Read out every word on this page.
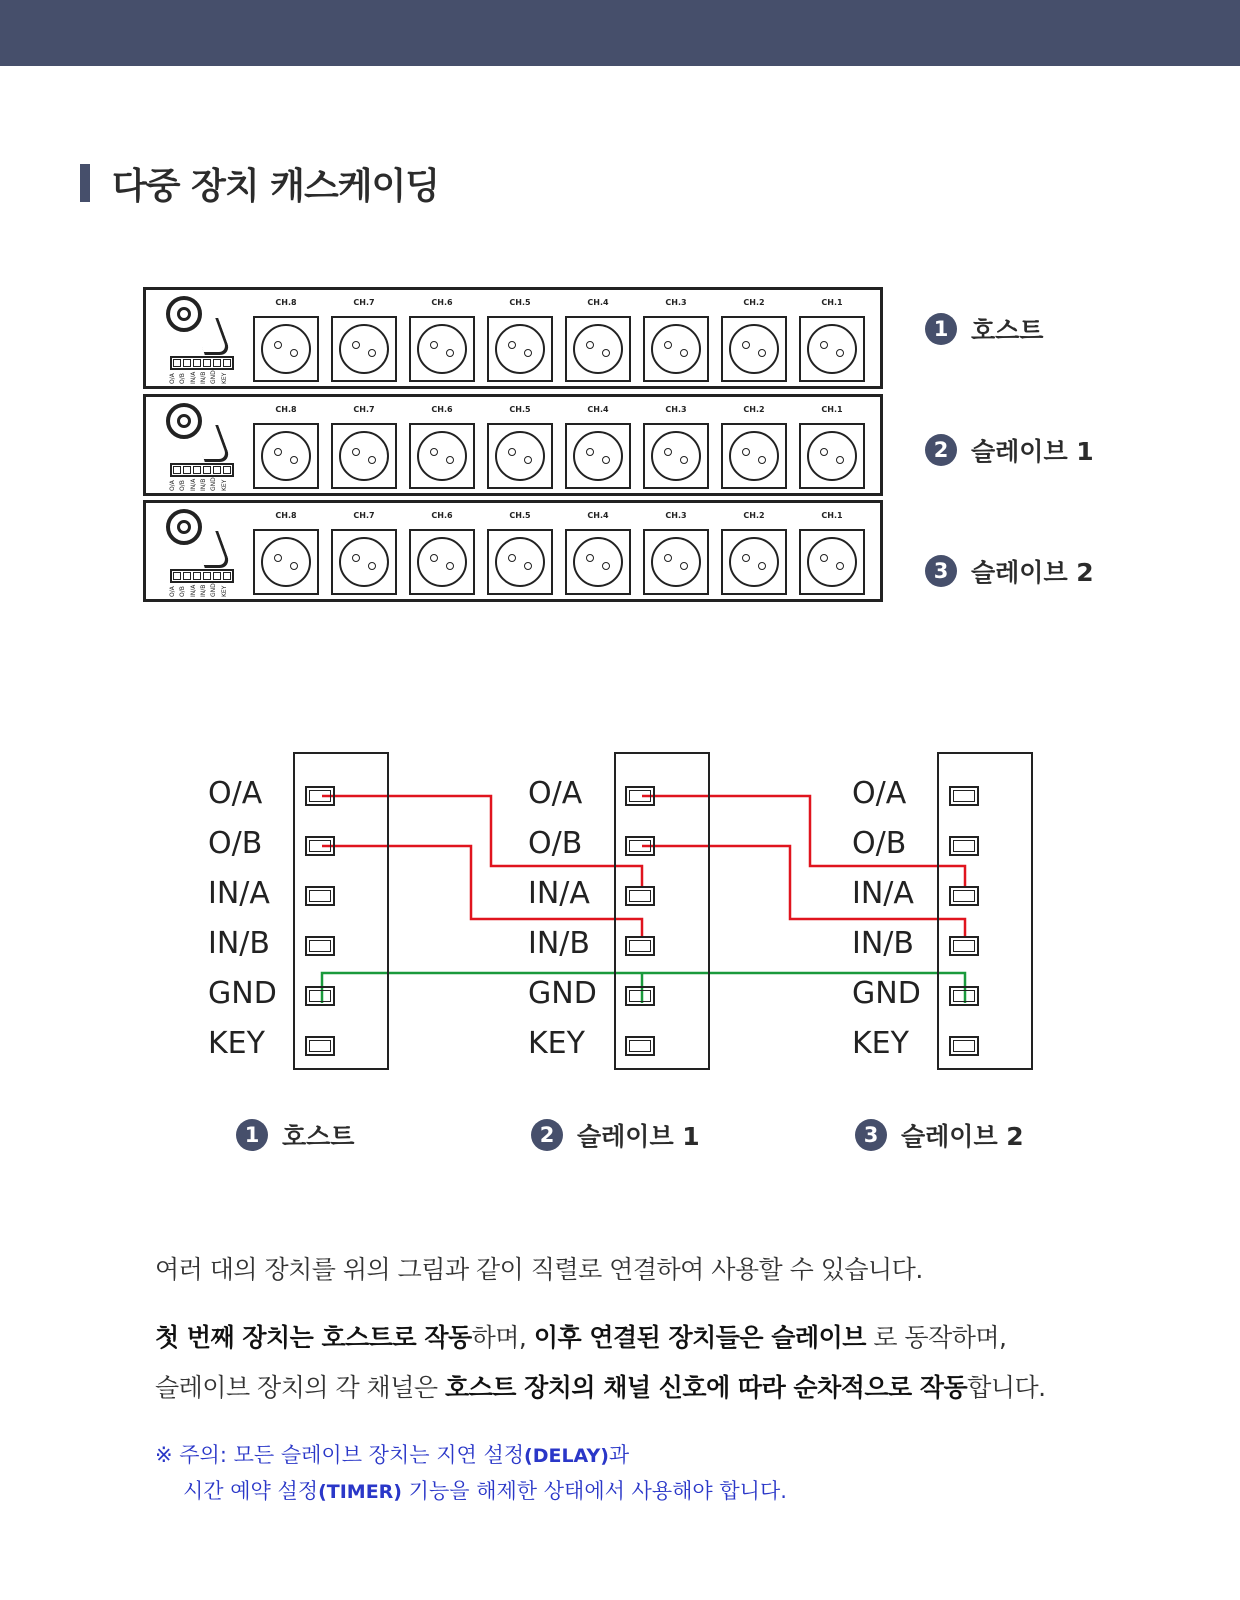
다중 장치 캐스케이딩
O/A O/B IN/A IN/B GND KEY
CH.8	CH.7	CH.6	CH.5	CH.4	CH.3	CH.2	CH.1
O/A O/B IN/A IN/B GND KEY
CH.8	CH.7	CH.6	CH.5	CH.4	CH.3	CH.2	CH.1
O/A O/B IN/A IN/B GND KEY
CH.8	CH.7	CH.6	CH.5	CH.4	CH.3	CH.2	CH.1
1 호스트
2 슬레이브 1
3 슬레이브 2
O/A
O/B
IN/A
IN/B
GND
KEY
O/A
O/B
IN/A
IN/B
GND
KEY
O/A
O/B
IN/A
IN/B
GND
KEY
1 호스트	2 슬레이브 1	3 슬레이브 2
여러 대의 장치를 위의 그림과 같이 직렬로 연결하여 사용할 수 있습니다.
첫 번째 장치는 호스트로 작동하며, 이후 연결된 장치들은 슬레이브 로 동작하며,
슬레이브 장치의 각 채널은 호스트 장치의 채널 신호에 따라 순차적으로 작동합니다.
※ 주의: 모든 슬레이브 장치는 지연 설정(DELAY)과
시간 예약 설정(TIMER) 기능을 해제한 상태에서 사용해야 합니다.
